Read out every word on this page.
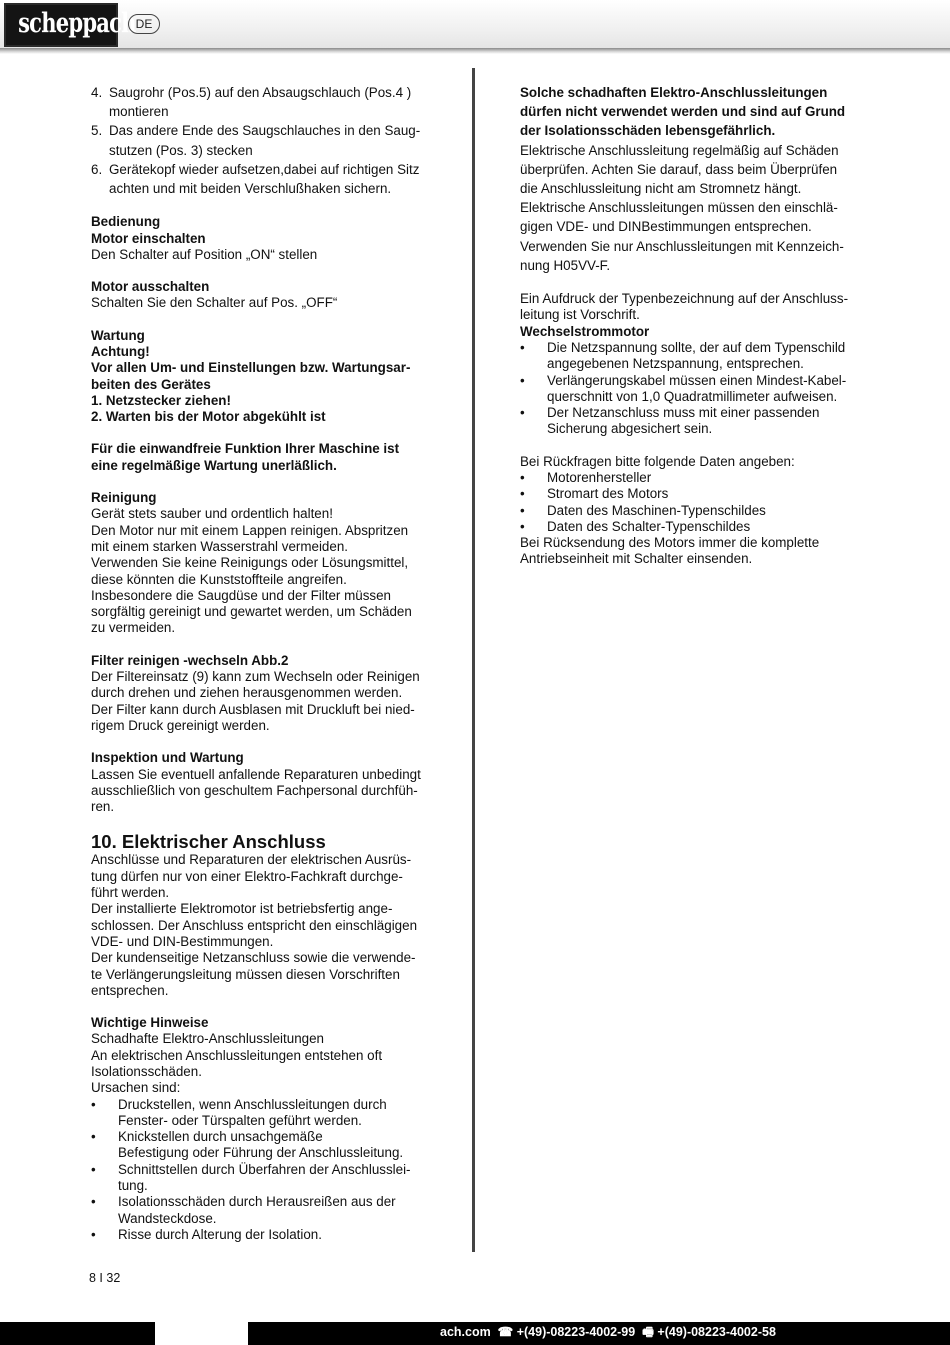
scheppach DE
4. Saugrohr (Pos.5) auf den Absaugschlauch (Pos.4 )
montieren
5. Das andere Ende des Saugschlauches in den Saug-
stutzen (Pos. 3) stecken
6. Gerätekopf wieder aufsetzen,dabei auf richtigen Sitz
achten und mit beiden Verschlußhaken sichern.

Bedienung

Motor einschalten

Den Schalter auf Position „ON“ stellen

Motor ausschalten

Schalten Sie den Schalter auf Pos. „OFF“

Wartung

Achtung!

Vor allen Um- und Einstellungen bzw. Wartungsar-

beiten des Gerätes

1. Netzstecker ziehen!

2. Warten bis der Motor abgekühlt ist

Für die einwandfreie Funktion Ihrer Maschine ist

eine regelmäßige Wartung unerläßlich.

Reinigung

Gerät stets sauber und ordentlich halten!

Den Motor nur mit einem Lappen reinigen. Abspritzen

mit einem starken Wasserstrahl vermeiden.

Verwenden Sie keine Reinigungs oder Lösungsmittel,

diese könnten die Kunststoffteile angreifen.

Insbesondere die Saugdüse und der Filter müssen

sorgfältig gereinigt und gewartet werden, um Schäden

zu vermeiden.

Filter reinigen -wechseln Abb.2

Der Filtereinsatz (9) kann zum Wechseln oder Reinigen

durch drehen und ziehen herausgenommen werden.

Der Filter kann durch Ausblasen mit Druckluft bei nied-

rigem Druck gereinigt werden.

Inspektion und Wartung

Lassen Sie eventuell anfallende Reparaturen unbedingt

ausschließlich von geschultem Fachpersonal durchfüh-

ren.

10. Elektrischer Anschluss

Anschlüsse und Reparaturen der elektrischen Ausrüs-

tung dürfen nur von einer Elektro-Fachkraft durchge-

führt werden.

Der installierte Elektromotor ist betriebsfertig ange-

schlossen. Der Anschluss entspricht den einschlägigen

VDE- und DIN-Bestimmungen.

Der kundenseitige Netzanschluss sowie die verwende-

te Verlängerungsleitung müssen diesen Vorschriften

entsprechen.

Wichtige Hinweise

Schadhafte Elektro-Anschlussleitungen

An elektrischen Anschlussleitungen entstehen oft

Isolationsschäden.

Ursachen sind:

• Druckstellen, wenn Anschlussleitungen durch
Fenster- oder Türspalten geführt werden.
• Knickstellen durch unsachgemäße
Befestigung oder Führung der Anschlussleitung.
• Schnittstellen durch Überfahren der Anschlusslei-
tung.
• Isolationsschäden durch Herausreißen aus der
Wandsteckdose.
• Risse durch Alterung der Isolation.

Solche schadhaften Elektro-Anschlussleitungen

dürfen nicht verwendet werden und sind auf Grund

der Isolationsschäden lebensgefährlich.

Elektrische Anschlussleitung regelmäßig auf Schäden

überprüfen. Achten Sie darauf, dass beim Überprüfen

die Anschlussleitung nicht am Stromnetz hängt.

Elektrische Anschlussleitungen müssen den einschlä-

gigen VDE- und DINBestimmungen entsprechen.

Verwenden Sie nur Anschlussleitungen mit Kennzeich-

nung H05VV-F.

Ein Aufdruck der Typenbezeichnung auf der Anschluss-

leitung ist Vorschrift.

Wechselstrommotor

• Die Netzspannung sollte, der auf dem Typenschild
angegebenen Netzspannung, entsprechen.
• Verlängerungskabel müssen einen Mindest-Kabel-
querschnitt von 1,0 Quadratmillimeter aufweisen.
• Der Netzanschluss muss mit einer passenden
Sicherung abgesichert sein.

Bei Rückfragen bitte folgende Daten angeben:

• Motorenhersteller
• Stromart des Motors
• Daten des Maschinen-Typenschildes
• Daten des Schalter-Typenschildes

Bei Rücksendung des Motors immer die komplette

Antriebseinheit mit Schalter einsenden.

8 I 32
ach.com  ☎ +(49)-08223-4002-99  🖷 +(49)-08223-4002-58
